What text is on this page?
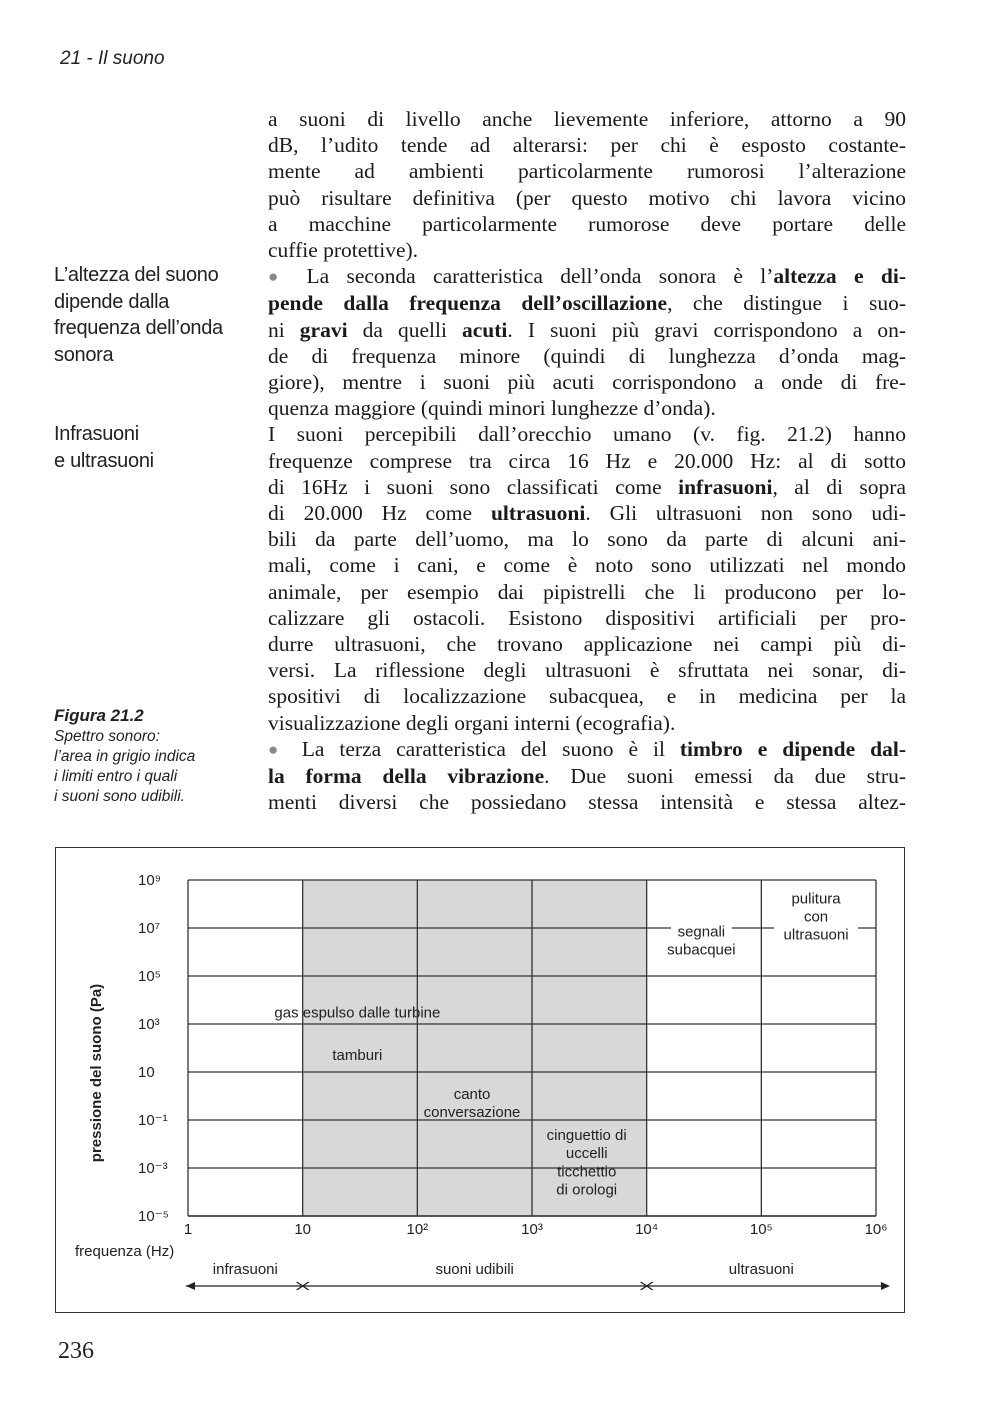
21 - Il suono
L’altezza del suono
dipende dalla
frequenza dell’onda
sonora
Infrasuoni
e ultrasuoni
Figura 21.2
Spettro sonoro:
l’area in grigio indica
i limiti entro i quali
i suoni sono udibili.
a suoni di livello anche lievemente inferiore, attorno a 90
dB, l’udito tende ad alterarsi: per chi è esposto costante-
mente ad ambienti particolarmente rumorosi l’alterazione
può risultare definitiva (per questo motivo chi lavora vicino
a macchine particolarmente rumorose deve portare delle
cuffie protettive).
● La seconda caratteristica dell’onda sonora è l’altezza e di-
pende dalla frequenza dell’oscillazione, che distingue i suo-
ni gravi da quelli acuti. I suoni più gravi corrispondono a on-
de di frequenza minore (quindi di lunghezza d’onda mag-
giore), mentre i suoni più acuti corrispondono a onde di fre-
quenza maggiore (quindi minori lunghezze d’onda).
I suoni percepibili dall’orecchio umano (v. fig. 21.2) hanno
frequenze comprese tra circa 16 Hz e 20.000 Hz: al di sotto
di 16Hz i suoni sono classificati come infrasuoni, al di sopra
di 20.000 Hz come ultrasuoni. Gli ultrasuoni non sono udi-
bili da parte dell’uomo, ma lo sono da parte di alcuni ani-
mali, come i cani, e come è noto sono utilizzati nel mondo
animale, per esempio dai pipistrelli che li producono per lo-
calizzare gli ostacoli. Esistono dispositivi artificiali per pro-
durre ultrasuoni, che trovano applicazione nei campi più di-
versi. La riflessione degli ultrasuoni è sfruttata nei sonar, di-
spositivi di localizzazione subacquea, e in medicina per la
visualizzazione degli organi interni (ecografia).
● La terza caratteristica del suono è il timbro e dipende dal-
la forma della vibrazione. Due suoni emessi da due stru-
menti diversi che possiedano stessa intensità e stessa altez-
10⁹
10⁷
10⁵
10³
10
10⁻¹
10⁻³
10⁻⁵
1	10	10²	10³	10⁴	10⁵	10⁶
frequenza (Hz)
pressione del suono (Pa)	gas espulso dalle turbine
tamburi
canto
conversazione
cinguettio di
uccelli
ticchettio
di orologi
segnali
subacquei
pulitura
con
ultrasuoni
infrasuoni	suoni udibili	ultrasuoni
236
